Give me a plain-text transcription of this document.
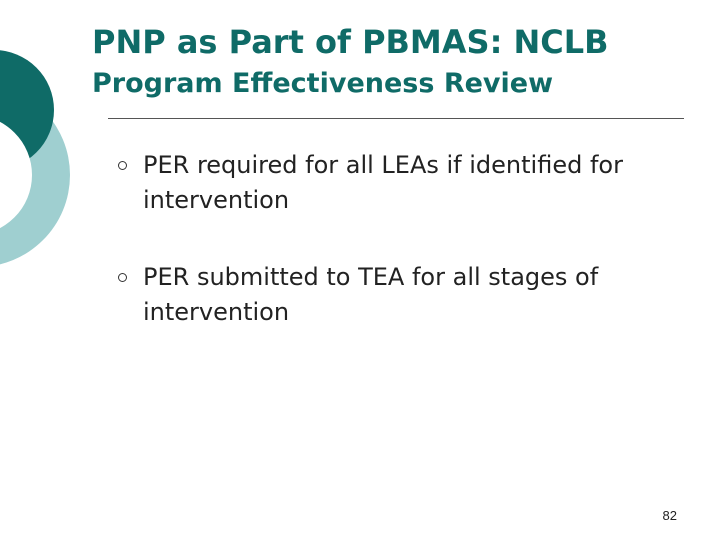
PNP as Part of PBMAS: NCLB
Program Effectiveness Review
PER required for all LEAs if identified for intervention
PER submitted to TEA for all stages of intervention
82
